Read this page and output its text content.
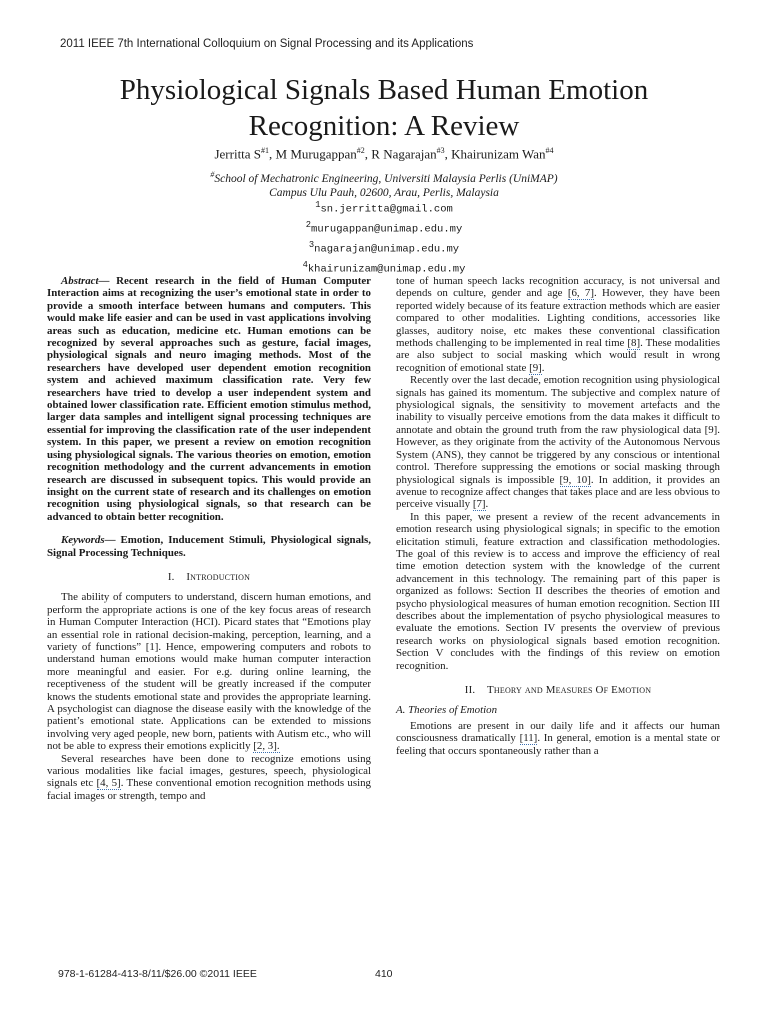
2011 IEEE 7th International Colloquium on Signal Processing and its Applications
Physiological Signals Based Human Emotion
Recognition: A Review
Jerritta $S^{\#1}$, M Murugappan$^{\#2}$, R Nagarajan$^{\#3}$, Khairunizam Wan$^{\#4}$
#School of Mechatronic Engineering, Universiti Malaysia Perlis (UniMAP)
Campus Ulu Pauh, 02600, Arau, Perlis, Malaysia
$^1$sn.jerritta@gmail.com
$^2$murugappan@unimap.edu.my
$^3$nagarajan@unimap.edu.my
$^4$khairunizam@unimap.edu.my

Abstract— Recent research in the field of Human Computer Interaction aims at recognizing the user’s emotional state in order to provide a smooth interface between humans and computers. This would make life easier and can be used in vast applications involving areas such as education, medicine etc. Human emotions can be recognized by several approaches such as gesture, facial images, physiological signals and neuro imaging methods. Most of the researchers have developed user dependent emotion recognition system and achieved maximum classification rate. Very few researchers have tried to develop a user independent system and obtained lower classification rate. Efficient emotion stimulus method, larger data samples and intelligent signal processing techniques are essential for improving the classification rate of the user independent system. In this paper, we present a review on emotion recognition using physiological signals. The various theories on emotion, emotion recognition methodology and the current advancements in emotion research are discussed in subsequent topics. This would provide an insight on the current state of research and its challenges on emotion recognition using physiological signals, so that research can be advanced to obtain better recognition.

Keywords— Emotion, Inducement Stimuli, Physiological signals, Signal Processing Techniques.

I. Introduction

The ability of computers to understand, discern human emotions, and perform the appropriate actions is one of the key focus areas of research in Human Computer Interaction (HCI). Picard states that “Emotions play an essential role in rational decision-making, perception, learning, and a variety of functions” [1]. Hence, empowering computers and robots to understand human emotions would make human computer interaction more meaningful and easier. For e.g. during online learning, the receptiveness of the student will be greatly increased if the computer knows the students emotional state and provides the appropriate learning. A psychologist can diagnose the disease easily with the knowledge of the patient’s emotional state. Applications can be extended to missions involving very aged people, new born, patients with Autism etc., who will not be able to express their emotions explicitly [2, 3].

Several researches have been done to recognize emotions using various modalities like facial images, gestures, speech, physiological signals etc [4, 5]. These conventional emotion recognition methods using facial images or strength, tempo and

tone of human speech lacks recognition accuracy, is not universal and depends on culture, gender and age [6, 7]. However, they have been reported widely because of its feature extraction methods which are easier compared to other modalities. Lighting conditions, accessories like glasses, auditory noise, etc makes these conventional classification methods challenging to be implemented in real time [8]. These modalities are also subject to social masking which would result in wrong recognition of emotional state [9].

Recently over the last decade, emotion recognition using physiological signals has gained its momentum. The subjective and complex nature of physiological signals, the sensitivity to movement artefacts and the inability to visually perceive emotions from the data makes it difficult to annotate and obtain the ground truth from the raw physiological data [9]. However, as they originate from the activity of the Autonomous Nervous System (ANS), they cannot be triggered by any conscious or intentional control. Therefore suppressing the emotions or social masking through physiological signals is impossible [9, 10]. In addition, it provides an avenue to recognize affect changes that takes place and are less obvious to perceive visually [7].

In this paper, we present a review of the recent advancements in emotion research using physiological signals; in specific to the emotion elicitation stimuli, feature extraction and classification methodologies. The goal of this review is to access and improve the efficiency of real time emotion detection system with the knowledge of the current advancement in this technology. The remaining part of this paper is organized as follows: Section II describes the theories of emotion and psycho physiological measures of human emotion recognition. Section III describes about the implementation of psycho physiological measures to evaluate the emotions. Section IV presents the overview of previous research works on physiological signals based emotion recognition. Section V concludes with the findings of this review on emotion recognition.

II. Theory and Measures Of Emotion

A. Theories of Emotion

Emotions are present in our daily life and it affects our human consciousness dramatically [11]. In general, emotion is a mental state or feeling that occurs spontaneously rather than a

978-1-61284-413-8/11/$26.00 ©2011 IEEE	410
